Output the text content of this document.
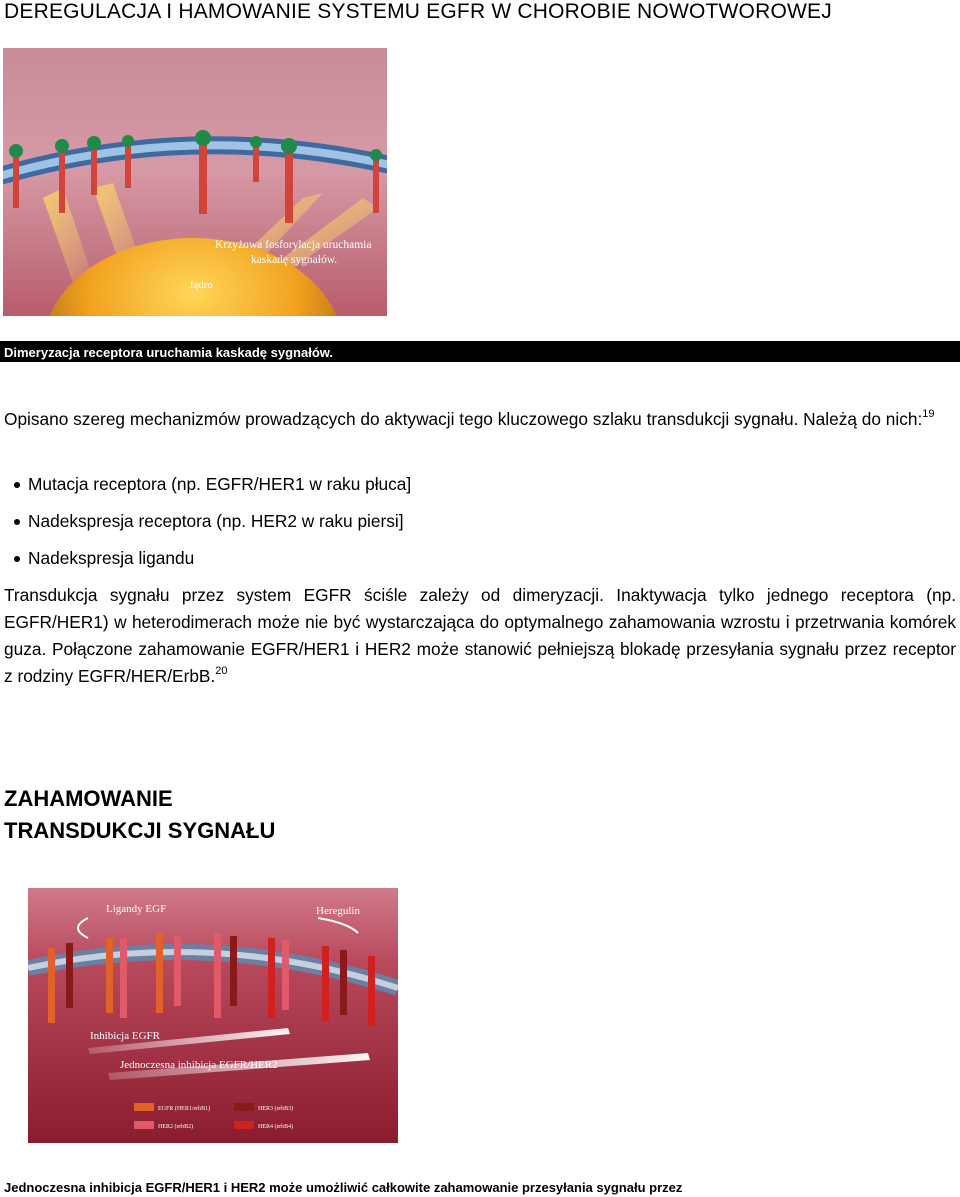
DEREGULACJA I HAMOWANIE SYSTEMU EGFR W CHOROBIE NOWOTWOROWEJ
Krzyżowa fosforylacja uruchamia
kaskadę sygnałów.
Jądro
Dimeryzacja receptora uruchamia kaskadę sygnałów.
Opisano szereg mechanizmów prowadzących do aktywacji tego kluczowego szlaku transdukcji sygnału. Należą do nich:$^{19}$
Mutacja receptora (np. EGFR/HER1 w raku płuca]
Nadekspresja receptora (np. HER2 w raku piersi]
Nadekspresja ligandu
Transdukcja sygnału przez system EGFR ściśle zależy od dimeryzacji. Inaktywacja tylko jednego receptora (np. EGFR/HER1) w heterodimerach może nie być wystarczająca do optymalnego zahamowania wzrostu i przetrwania komórek guza. Połączone zahamowanie EGFR/HER1 i HER2 może stanowić pełniejszą blokadę przesyłania sygnału przez receptor z rodziny EGFR/HER/ErbB.$^{20}$
ZAHAMOWANIE
TRANSDUKCJI SYGNAŁU
Ligandy EGF	Heregulin
Inhibicja EGFR
Jednoczesna inhibicja EGFR/HER2
EGFR (HER1/erbB1)	HER3 (erbB3)
HER2 (erbB2)	HER4 (erbB4)
Jednoczesna inhibicja EGFR/HER1 i HER2 może umożliwić całkowite zahamowanie przesyłania sygnału przez
